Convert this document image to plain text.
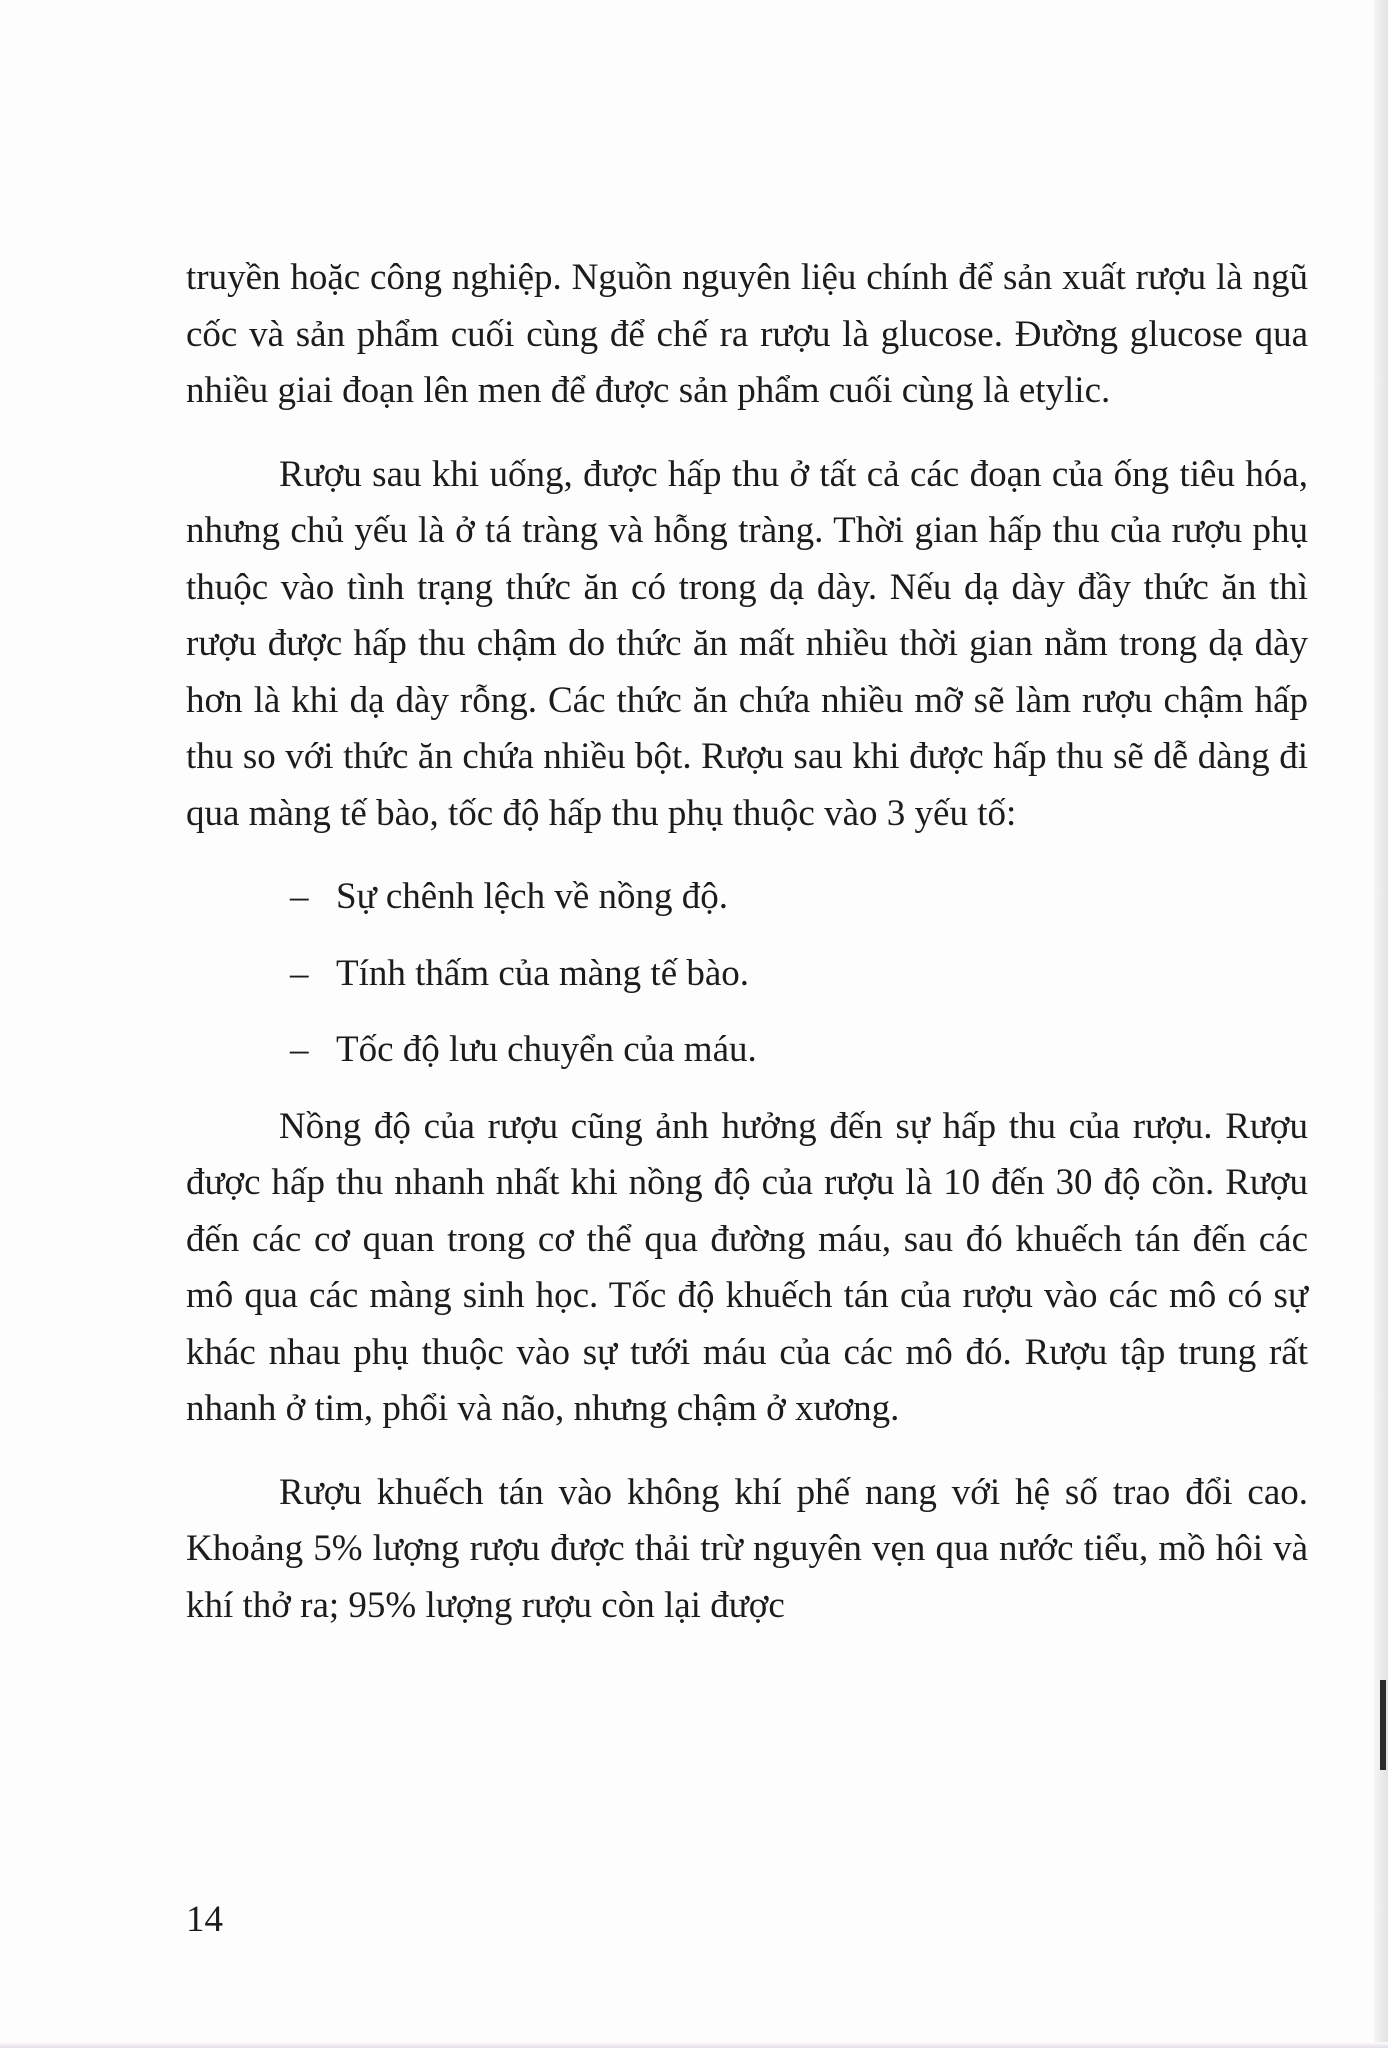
truyền hoặc công nghiệp. Nguồn nguyên liệu chính để sản xuất rượu là ngũ cốc và sản phẩm cuối cùng để chế ra rượu là glucose. Đường glucose qua nhiều giai đoạn lên men để được sản phẩm cuối cùng là etylic.

Rượu sau khi uống, được hấp thu ở tất cả các đoạn của ống tiêu hóa, nhưng chủ yếu là ở tá tràng và hỗng tràng. Thời gian hấp thu của rượu phụ thuộc vào tình trạng thức ăn có trong dạ dày. Nếu dạ dày đầy thức ăn thì rượu được hấp thu chậm do thức ăn mất nhiều thời gian nằm trong dạ dày hơn là khi dạ dày rỗng. Các thức ăn chứa nhiều mỡ sẽ làm rượu chậm hấp thu so với thức ăn chứa nhiều bột. Rượu sau khi được hấp thu sẽ dễ dàng đi qua màng tế bào, tốc độ hấp thu phụ thuộc vào 3 yếu tố:

– Sự chênh lệch về nồng độ.
– Tính thấm của màng tế bào.
– Tốc độ lưu chuyển của máu.

Nồng độ của rượu cũng ảnh hưởng đến sự hấp thu của rượu. Rượu được hấp thu nhanh nhất khi nồng độ của rượu là 10 đến 30 độ cồn. Rượu đến các cơ quan trong cơ thể qua đường máu, sau đó khuếch tán đến các mô qua các màng sinh học. Tốc độ khuếch tán của rượu vào các mô có sự khác nhau phụ thuộc vào sự tưới máu của các mô đó. Rượu tập trung rất nhanh ở tim, phổi và não, nhưng chậm ở xương.

Rượu khuếch tán vào không khí phế nang với hệ số trao đổi cao. Khoảng 5% lượng rượu được thải trừ nguyên vẹn qua nước tiểu, mồ hôi và khí thở ra; 95% lượng rượu còn lại được

14
